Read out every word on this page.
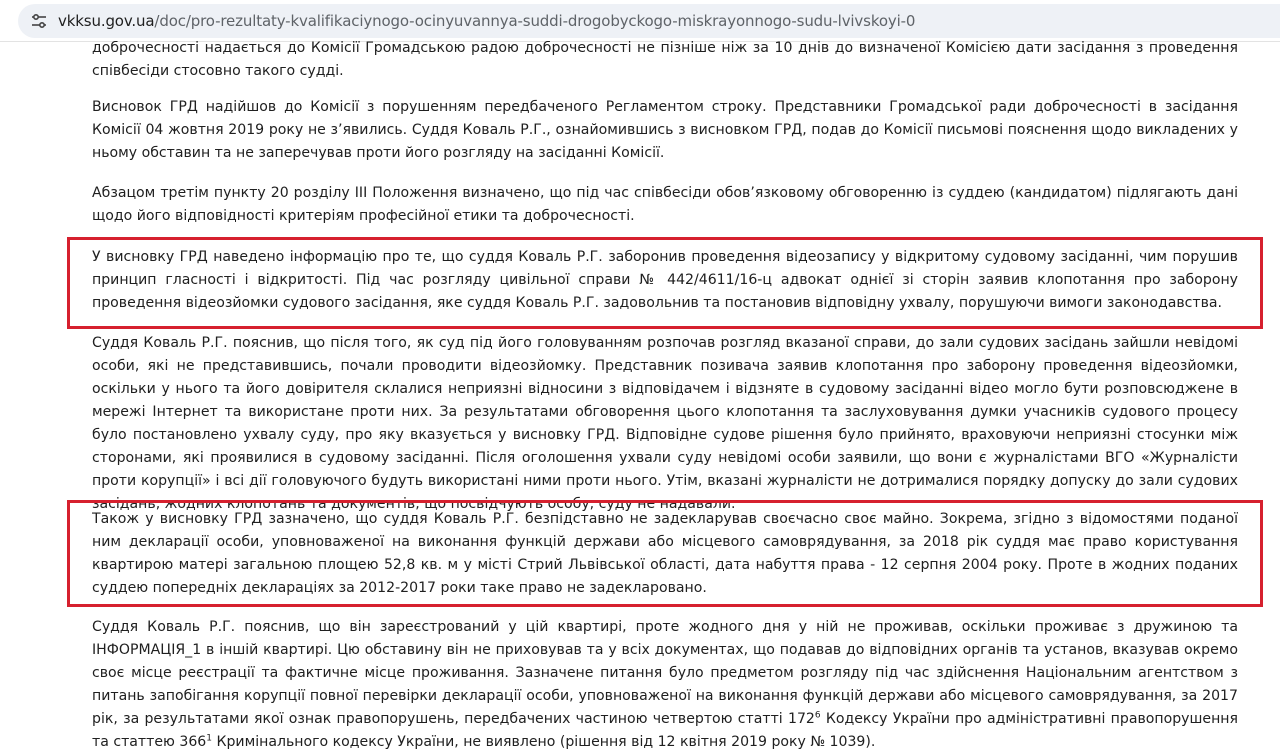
vkksu.gov.ua/doc/pro-rezultaty-kvalifikaciynogo-ocinyuvannya-suddi-drogobyckogo-miskrayonnogo-sudu-lvivskoyi-0

доброчесності надається до Комісії Громадською радою доброчесності не пізніше ніж за 10 днів до визначеної Комісією дати засідання з проведення співбесіди стосовно такого судді.

Висновок ГРД надійшов до Комісії з порушенням передбаченого Регламентом строку. Представники Громадської ради доброчесності в засідання Комісії 04 жовтня 2019 року не з’явились. Суддя Коваль Р.Г., ознайомившись з висновком ГРД, подав до Комісії письмові пояснення щодо викладених у ньому обставин та не заперечував проти його розгляду на засіданні Комісії.

Абзацом третім пункту 20 розділу III Положення визначено, що під час співбесіди обов’язковому обговоренню із суддею (кандидатом) підлягають дані щодо його відповідності критеріям професійної етики та доброчесності.

У висновку ГРД наведено інформацію про те, що суддя Коваль Р.Г. заборонив проведення відеозапису у відкритому судовому засіданні, чим порушив принцип гласності і відкритості. Під час розгляду цивільної справи № 442/4611/16-ц адвокат однієї зі сторін заявив клопотання про заборону проведення відеозйомки судового засідання, яке суддя Коваль Р.Г. задовольнив та постановив відповідну ухвалу, порушуючи вимоги законодавства.

Суддя Коваль Р.Г. пояснив, що після того, як суд під його головуванням розпочав розгляд вказаної справи, до зали судових засідань зайшли невідомі особи, які не представившись, почали проводити відеозйомку. Представник позивача заявив клопотання про заборону проведення відеозйомки, оскільки у нього та його довірителя склалися неприязні відносини з відповідачем і відзняте в судовому засіданні відео могло бути розповсюджене в мережі Інтернет та використане проти них. За результатами обговорення цього клопотання та заслуховування думки учасників судового процесу було постановлено ухвалу суду, про яку вказується у висновку ГРД. Відповідне судове рішення було прийнято, враховуючи неприязні стосунки між сторонами, які проявилися в судовому засіданні. Після оголошення ухвали суду невідомі особи заявили, що вони є журналістами ВГО «Журналісти проти корупції» і всі дії головуючого будуть використані ними проти нього. Утім, вказані журналісти не дотрималися порядку допуску до зали судових засідань, жодних клопотань та документів, що посвідчують особу, суду не надавали.

Також у висновку ГРД зазначено, що суддя Коваль Р.Г. безпідставно не задекларував своєчасно своє майно. Зокрема, згідно з відомостями поданої ним декларації особи, уповноваженої на виконання функцій держави або місцевого самоврядування, за 2018 рік суддя має право користування квартирою матері загальною площею 52,8 кв. м у місті Стрий Львівської області, дата набуття права - 12 серпня 2004 року. Проте в жодних поданих суддею попередніх деклараціях за 2012-2017 роки таке право не задекларовано.

Суддя Коваль Р.Г. пояснив, що він зареєстрований у цій квартирі, проте жодного дня у ній не проживав, оскільки проживає з дружиною та ІНФОРМАЦІЯ_1 в іншій квартирі. Цю обставину він не приховував та у всіх документах, що подавав до відповідних органів та установ, вказував окремо своє місце реєстрації та фактичне місце проживання. Зазначене питання було предметом розгляду під час здійснення Національним агентством з питань запобігання корупції повної перевірки декларації особи, уповноваженої на виконання функцій держави або місцевого самоврядування, за 2017 рік, за результатами якої ознак правопорушень, передбачених частиною четвертою статті $172^6$ Кодексу України про адміністративні правопорушення та статтею $366^1$ Кримінального кодексу України, не виявлено (рішення від 12 квітня 2019 року № 1039).
